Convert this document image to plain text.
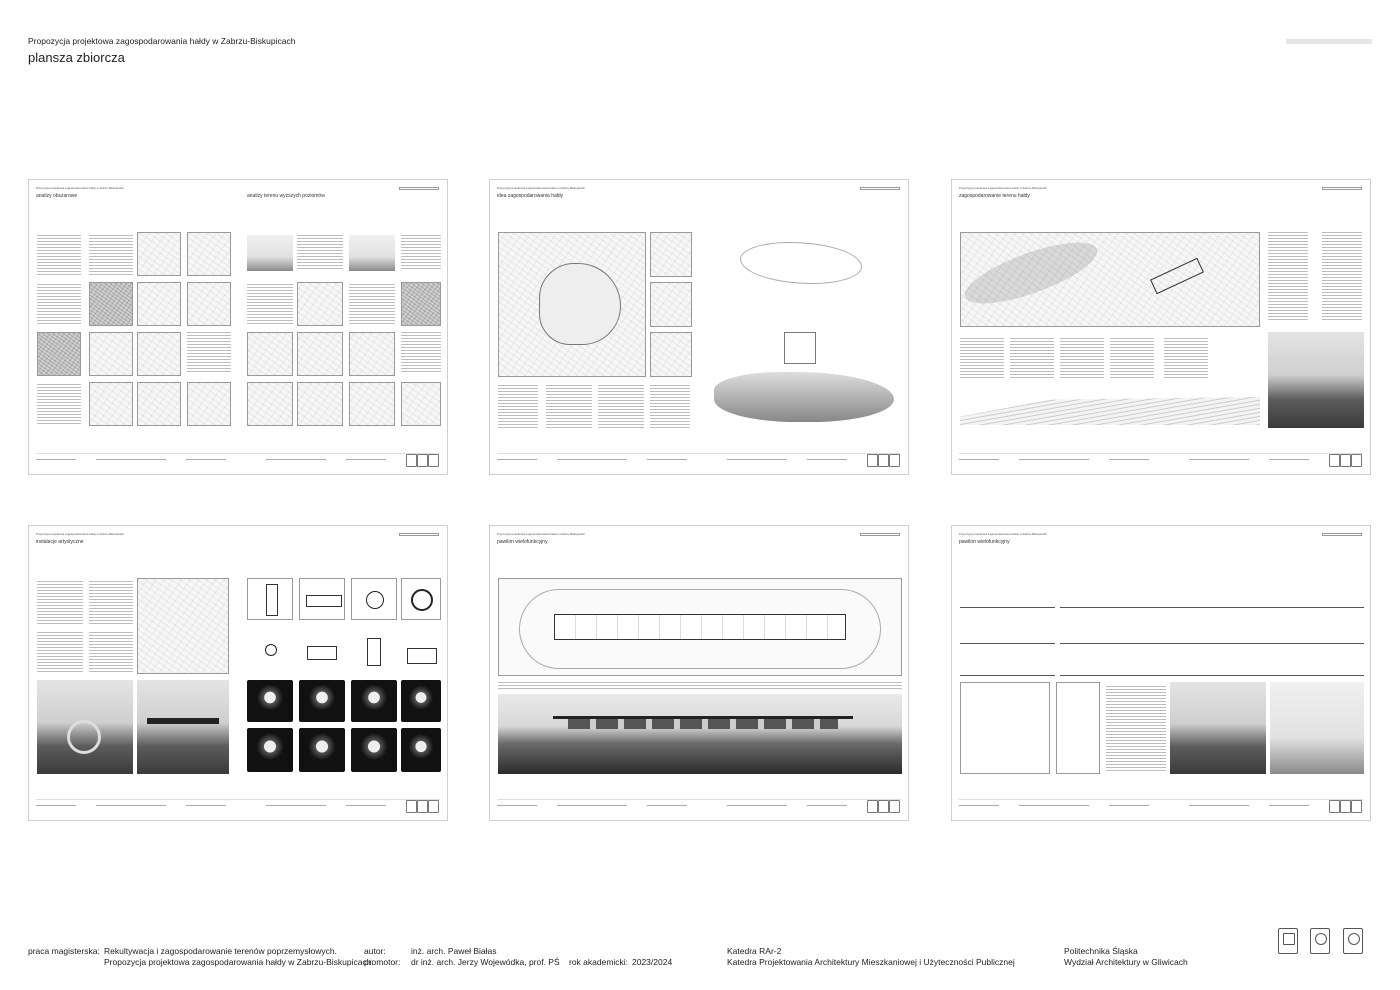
Propozycja projektowa zagospodarowania hałdy w Zabrzu-Biskupicach
plansza zbiorcza
Propozycja projektowa zagospodarowania hałdy w Zabrzu-Biskupicach
analizy obszarowe	analizy terenu wyższych poziomów
Propozycja projektowa zagospodarowania hałdy w Zabrzu-Biskupicach
idea zagospodarowania hałdy
Propozycja projektowa zagospodarowania hałdy w Zabrzu-Biskupicach
zagospodarowanie terenu hałdy
Propozycja projektowa zagospodarowania hałdy w Zabrzu-Biskupicach
instalacje artystyczne
Propozycja projektowa zagospodarowania hałdy w Zabrzu-Biskupicach
pawilon wielofunkcyjny
Propozycja projektowa zagospodarowania hałdy w Zabrzu-Biskupicach
pawilon wielofunkcyjny
praca magisterska: Rekultywacja i zagospodarowanie terenów poprzemysłowych.
Propozycja projektowa zagospodarowania hałdy w Zabrzu-Biskupicach.
autor:	inż. arch. Paweł Białas
promotor: dr inż. arch. Jerzy Wojewódka, prof. PŚ rok akademicki: 2023/2024
Katedra RAr-2
Katedra Projektowania Architektury Mieszkaniowej i Użyteczności Publicznej
Politechnika Śląska
Wydział Architektury w Gliwicach
